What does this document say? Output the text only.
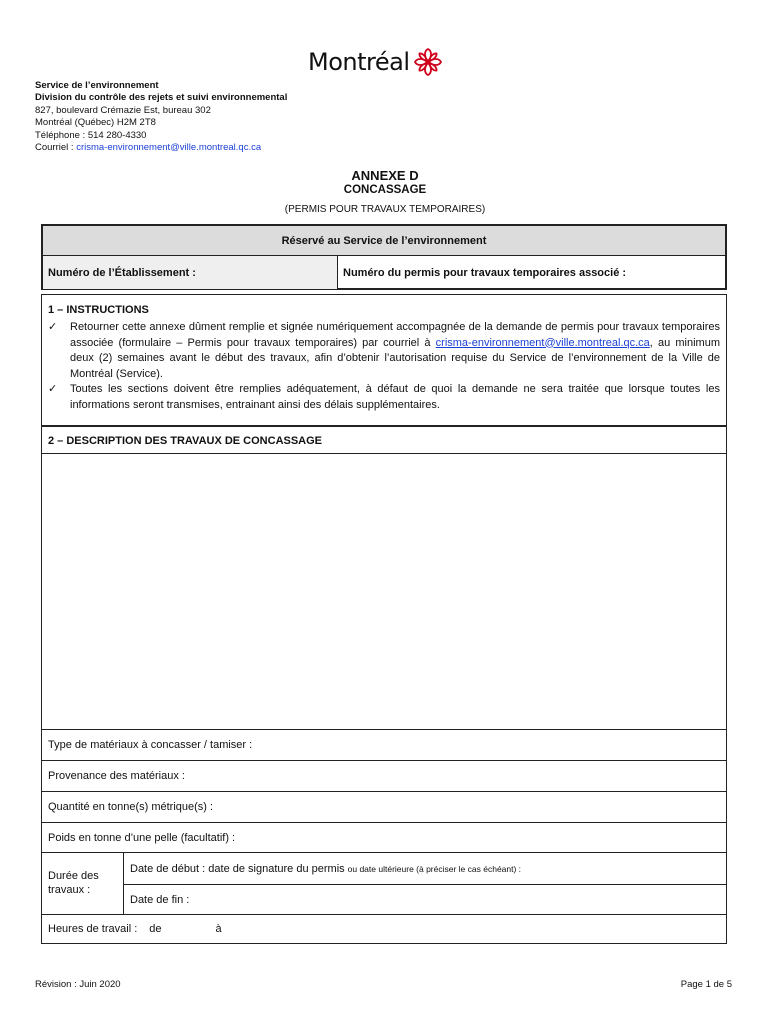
Montréal
Service de l’environnement
Division du contrôle des rejets et suivi environnemental
827, boulevard Crémazie Est, bureau 302
Montréal (Québec) H2M 2T8
Téléphone : 514 280-4330
Courriel : crisma-environnement@ville.montreal.qc.ca
ANNEXE D
CONCASSAGE
(PERMIS POUR TRAVAUX TEMPORAIRES)
Réservé au Service de l’environnement
Numéro de l’Établissement :	Numéro du permis pour travaux temporaires associé :
1 – INSTRUCTIONS
✓	Retourner cette annexe dûment remplie et signée numériquement accompagnée de la demande de permis pour travaux temporaires associée (formulaire – Permis pour travaux temporaires) par courriel à crisma-environnement@ville.montreal.qc.ca, au minimum deux (2) semaines avant le début des travaux, afin d’obtenir l’autorisation requise du Service de l’environnement de la Ville de Montréal (Service).
✓	Toutes les sections doivent être remplies adéquatement, à défaut de quoi la demande ne sera traitée que lorsque toutes les informations seront transmises, entrainant ainsi des délais supplémentaires.
2 – DESCRIPTION DES TRAVAUX DE CONCASSAGE
Type de matériaux à concasser / tamiser :
Provenance des matériaux :
Quantité en tonne(s) métrique(s) :
Poids en tonne d’une pelle (facultatif) :
Durée des travaux :
Date de début : date de signature du permis ou date ultérieure (à préciser le cas échéant) :
Date de fin :
Heures de travail : de	à
Révision : Juin 2020	Page 1 de 5
